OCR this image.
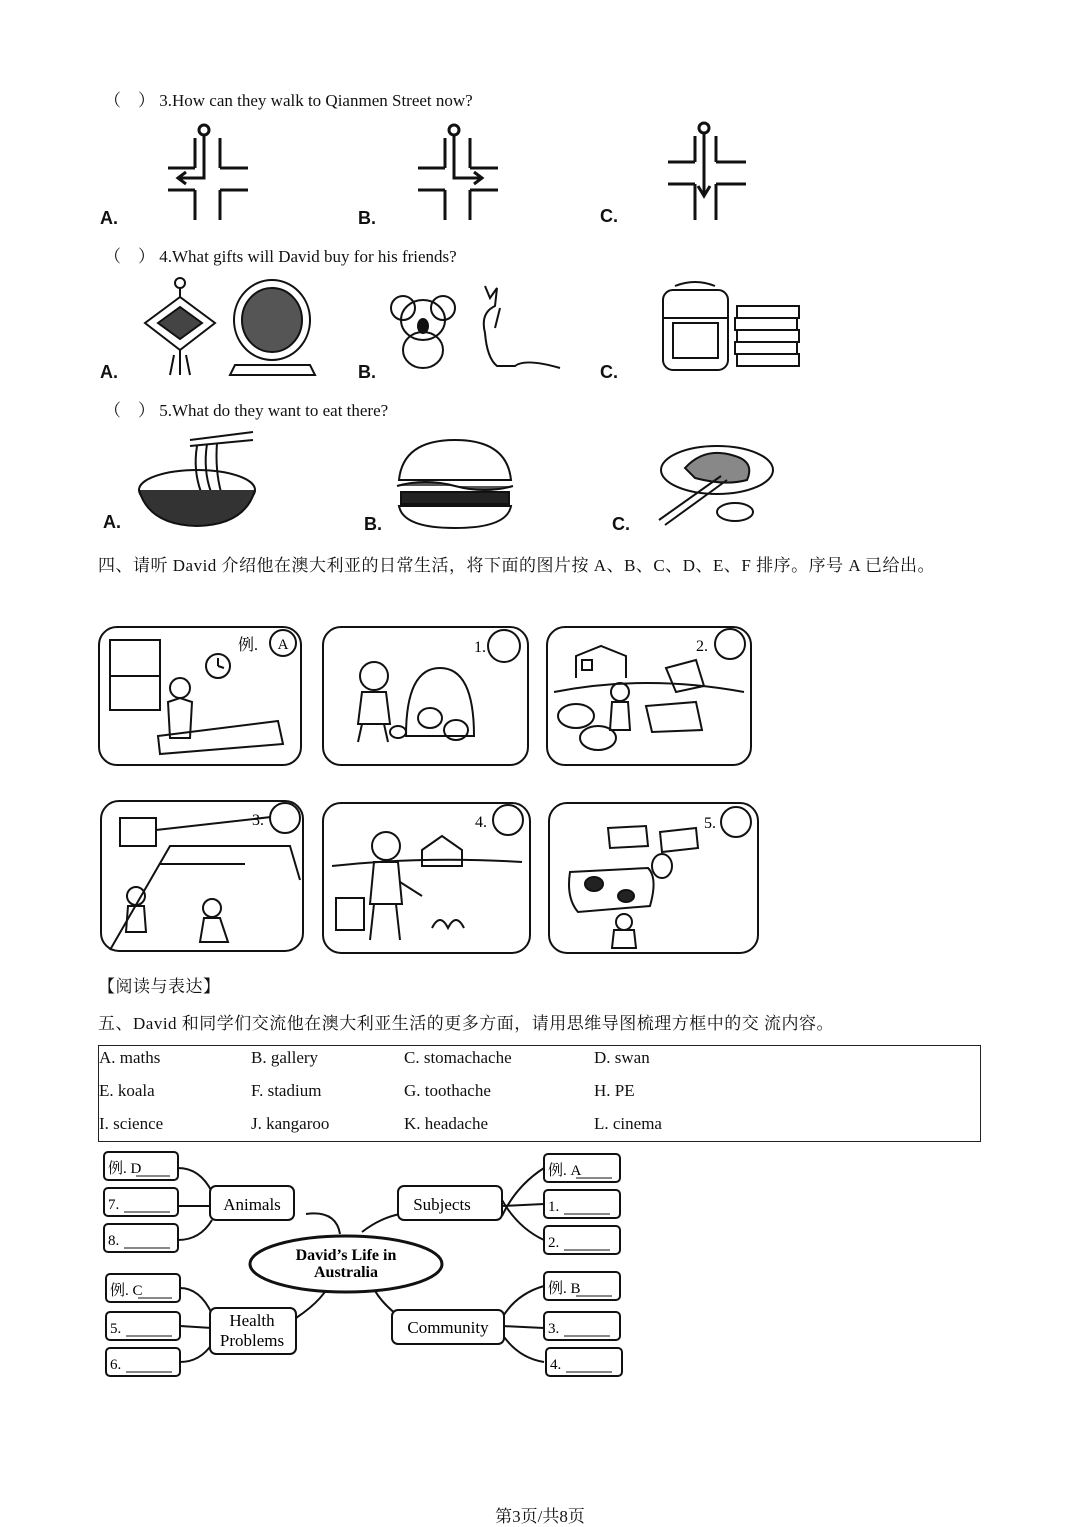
（　） 3.How can they walk to Qianmen Street now?
A.	B.	C.
（　） 4.What gifts will David buy for his friends?
A.	B.	C.
（　） 5.What do they want to eat there?
A.	B.	C.
四、请听 David 介绍他在澳大利亚的日常生活，将下面的图片按 A、B、C、D、E、F 排序。序号 A 已给出。
例. A	1.	2.
3.	4.	5.
【阅读与表达】
五、David 和同学们交流他在澳大利亚生活的更多方面，请用思维导图梳理方框中的交 流内容。
A. maths	B. gallery	C. stomachache	D. swan
E. koala	F. stadium	G. toothache	H. PE
I. science	J. kangaroo	K. headache	L. cinema
Animals	Subjects
David’s Life in
Australia
Health
Problems
Community
例. D
7.
8.
例. A
1.
2.
例. C
5.
6.
例. B
3.
4.
第3页/共8页
